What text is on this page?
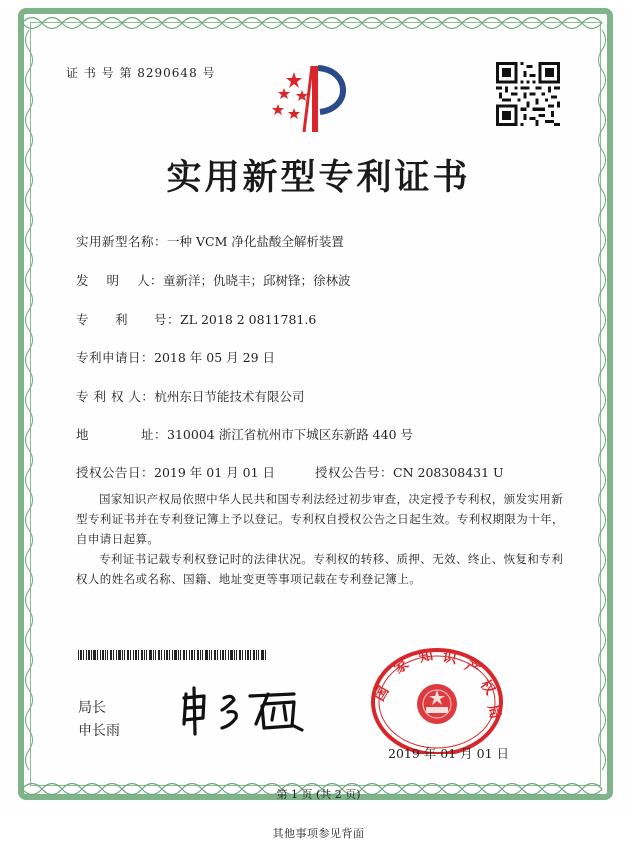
证 书 号 第 8290648 号
实用新型专利证书
实用新型名称：一种 VCM 净化盐酸全解析装置
发　 明　 人：童新洋；仇晓丰；邱树锋；徐林波
专　　利　　号：ZL 2018 2 0811781.6
专利申请日：2018 年 05 月 29 日
专 利 权 人：杭州东日节能技术有限公司
地　　　　址：310004 浙江省杭州市下城区东新路 440 号
授权公告日：2019 年 01 月 01 日	授权公告号：CN 208308431 U
国家知识产权局依照中华人民共和国专利法经过初步审查，决定授予专利权，颁发实用新型专利证书并在专利登记簿上予以登记。专利权自授权公告之日起生效。专利权期限为十年，自申请日起算。
专利证书记载专利权登记时的法律状况。专利权的转移、质押、无效、终止、恢复和专利权人的姓名或名称、国籍、地址变更等事项记载在专利登记簿上。
局长
申长雨
国
家 知 识 产
权
局
2019 年 01 月 01 日
第 1 页 (共 2 页)
其他事项参见背面
